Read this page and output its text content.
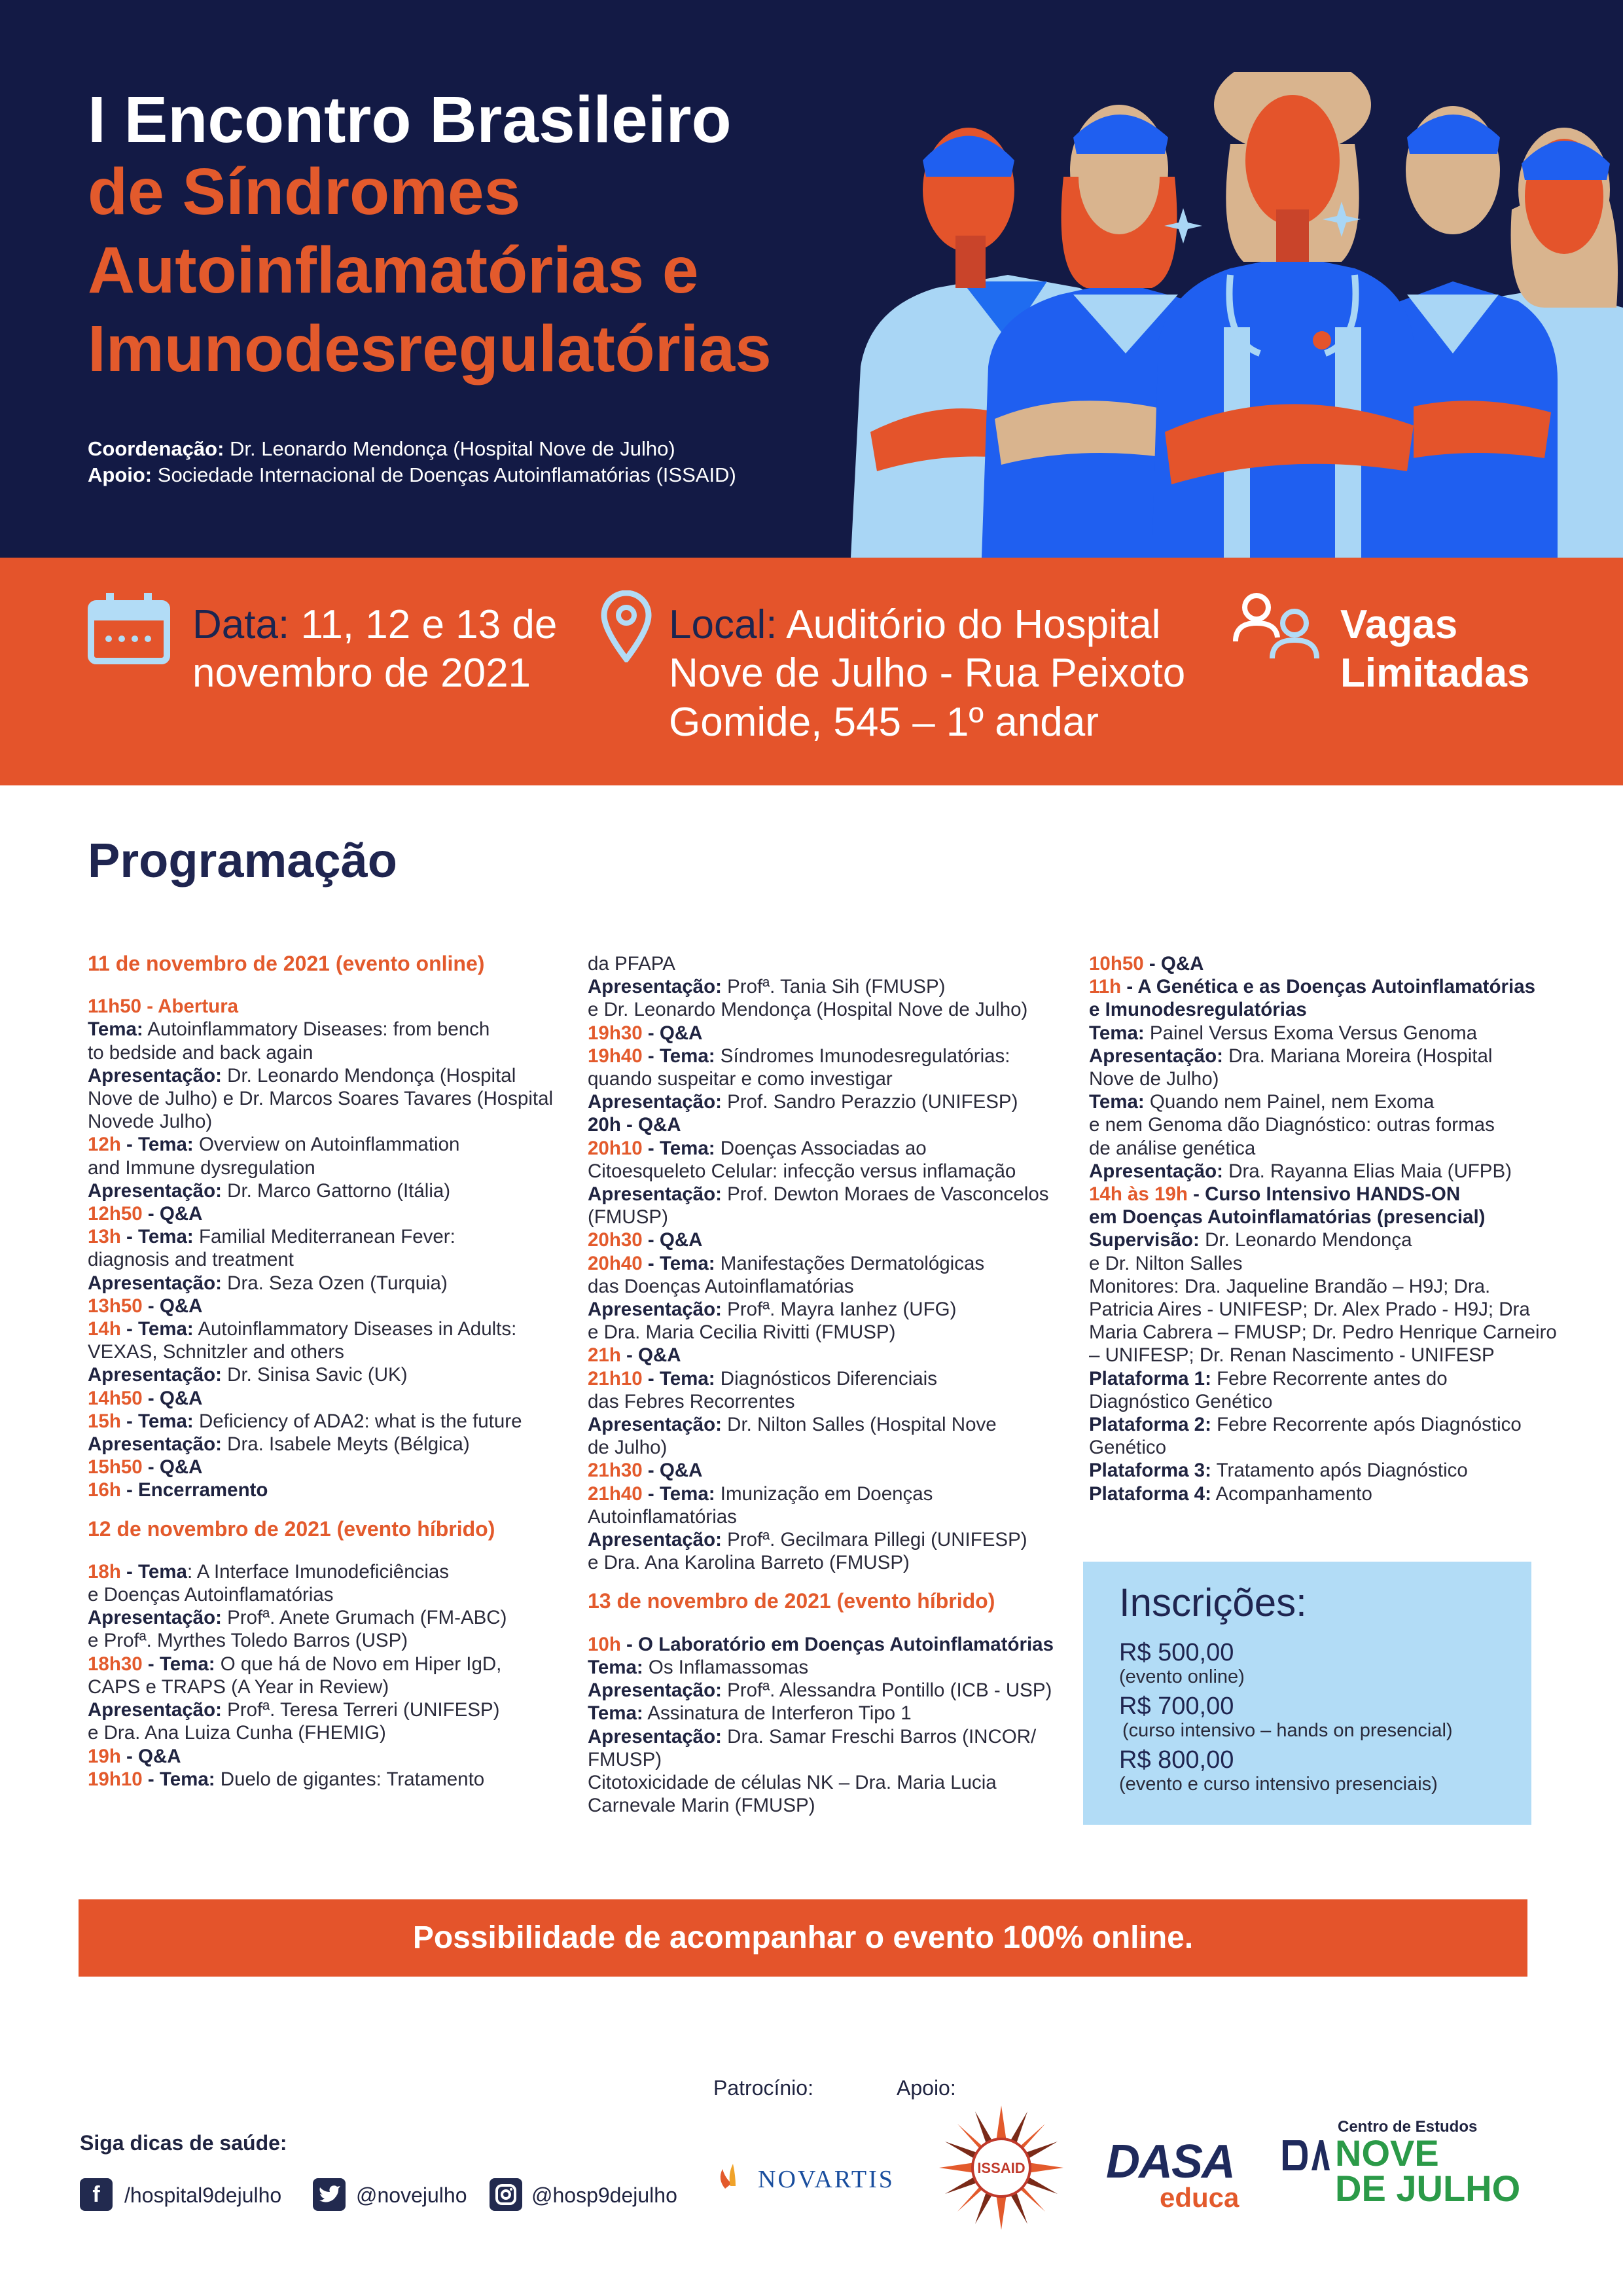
I Encontro Brasileiro
de Síndromes
Autoinflamatórias e
Imunodesregulatórias
Coordenação: Dr. Leonardo Mendonça (Hospital Nove de Julho)
Apoio: Sociedade Internacional de Doenças Autoinflamatórias (ISSAID)
Data: 11, 12 e 13 de
novembro de 2021
Local: Auditório do Hospital
Nove de Julho - Rua Peixoto
Gomide, 545 – 1º andar
Vagas
Limitadas
Programação
11 de novembro de 2021 (evento online)
11h50 - Abertura
Tema: Autoinflammatory Diseases: from bench
to bedside and back again
Apresentação: Dr. Leonardo Mendonça (Hospital
Nove de Julho) e Dr. Marcos Soares Tavares (Hospital
Novede Julho)
12h - Tema: Overview on Autoinflammation
and Immune dysregulation
Apresentação: Dr. Marco Gattorno (Itália)
12h50 - Q&A
13h - Tema: Familial Mediterranean Fever:
diagnosis and treatment
Apresentação: Dra. Seza Ozen (Turquia)
13h50 - Q&A
14h - Tema: Autoinflammatory Diseases in Adults:
VEXAS, Schnitzler and others
Apresentação: Dr. Sinisa Savic (UK)
14h50 - Q&A
15h - Tema: Deficiency of ADA2: what is the future
Apresentação: Dra. Isabele Meyts (Bélgica)
15h50 - Q&A
16h - Encerramento
12 de novembro de 2021 (evento híbrido)
18h - Tema: A Interface Imunodeficiências
e Doenças Autoinflamatórias
Apresentação: Profª. Anete Grumach (FM-ABC)
e Profª. Myrthes Toledo Barros (USP)
18h30 - Tema: O que há de Novo em Hiper IgD,
CAPS e TRAPS (A Year in Review)
Apresentação: Profª. Teresa Terreri (UNIFESP)
e Dra. Ana Luiza Cunha (FHEMIG)
19h - Q&A
19h10 - Tema: Duelo de gigantes: Tratamento
da PFAPA
Apresentação: Profª. Tania Sih (FMUSP)
e Dr. Leonardo Mendonça (Hospital Nove de Julho)
19h30 - Q&A
19h40 - Tema: Síndromes Imunodesregulatórias:
quando suspeitar e como investigar
Apresentação: Prof. Sandro Perazzio (UNIFESP)
20h - Q&A
20h10 - Tema: Doenças Associadas ao
Citoesqueleto Celular: infecção versus inflamação
Apresentação: Prof. Dewton Moraes de Vasconcelos
(FMUSP)
20h30 - Q&A
20h40 - Tema: Manifestações Dermatológicas
das Doenças Autoinflamatórias
Apresentação: Profª. Mayra Ianhez (UFG)
e Dra. Maria Cecilia Rivitti (FMUSP)
21h - Q&A
21h10 - Tema: Diagnósticos Diferenciais
das Febres Recorrentes
Apresentação: Dr. Nilton Salles (Hospital Nove
de Julho)
21h30 - Q&A
21h40 - Tema: Imunização em Doenças
Autoinflamatórias
Apresentação: Profª. Gecilmara Pillegi (UNIFESP)
e Dra. Ana Karolina Barreto (FMUSP)
13 de novembro de 2021 (evento híbrido)
10h - O Laboratório em Doenças Autoinflamatórias
Tema: Os Inflamassomas
Apresentação: Profª. Alessandra Pontillo (ICB - USP)
Tema: Assinatura de Interferon Tipo 1
Apresentação: Dra. Samar Freschi Barros (INCOR/
FMUSP)
Citotoxicidade de células NK – Dra. Maria Lucia
Carnevale Marin (FMUSP)
10h50 - Q&A
11h - A Genética e as Doenças Autoinflamatórias
e Imunodesregulatórias
Tema: Painel Versus Exoma Versus Genoma
Apresentação: Dra. Mariana Moreira (Hospital
Nove de Julho)
Tema: Quando nem Painel, nem Exoma
e nem Genoma dão Diagnóstico: outras formas
de análise genética
Apresentação: Dra. Rayanna Elias Maia (UFPB)
14h às 19h - Curso Intensivo HANDS-ON
em Doenças Autoinflamatórias (presencial)
Supervisão: Dr. Leonardo Mendonça
e Dr. Nilton Salles
Monitores: Dra. Jaqueline Brandão – H9J; Dra.
Patricia Aires - UNIFESP; Dr. Alex Prado - H9J; Dra
Maria Cabrera – FMUSP; Dr. Pedro Henrique Carneiro
– UNIFESP; Dr. Renan Nascimento - UNIFESP
Plataforma 1: Febre Recorrente antes do
Diagnóstico Genético
Plataforma 2: Febre Recorrente após Diagnóstico
Genético
Plataforma 3: Tratamento após Diagnóstico
Plataforma 4: Acompanhamento
Inscrições:
R$ 500,00
(evento online)
R$ 700,00
(curso intensivo – hands on presencial)
R$ 800,00
(evento e curso intensivo presenciais)
Possibilidade de acompanhar o evento 100% online.
Siga dicas de saúde:
f	/hospital9dejulho	@novejulho	@hosp9dejulho
Patrocínio:	Apoio:
NOVARTIS	ISSAID DASA
educa
Centro de Estudos
NOVE
DE JULHO
